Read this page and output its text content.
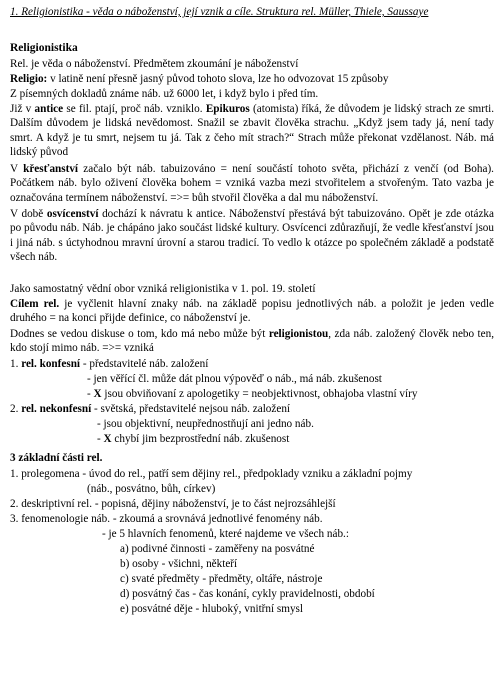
1. Religionistika - věda o náboženství, její vznik a cíle. Struktura rel. Müller, Thiele, Saussaye
Religionistika
Rel. je věda o náboženství. Předmětem zkoumání je náboženství
Religio: v latině není přesně jasný původ tohoto slova, lze ho odvozovat 15 způsoby
Z písemných dokladů známe náb. už 6000 let, i když bylo i před tím.
Již v antice se fil. ptají, proč náb. vzniklo. Epikuros (atomista) říká, že důvodem je lidský strach ze smrti. Dalším důvodem je lidská nevědomost. Snažil se zbavit člověka strachu. „Když jsem tady já, není tady smrt. A když je tu smrt, nejsem tu já. Tak z čeho mít strach?“ Strach může překonat vzdělanost. Náb. má lidský původ
V křesťanství začalo být náb. tabuizováno = není součástí tohoto světa, přichází z venčí (od Boha). Počátkem náb. bylo oživení člověka bohem = vzniká vazba mezi stvořitelem a stvořeným. Tato vazba je označována termínem náboženství. =>= bůh stvořil člověka a dal mu náboženství.
V době osvícenství dochází k návratu k antice. Náboženství přestává být tabuizováno. Opět je zde otázka po původu náb. Náb. je chápáno jako součást lidské kultury. Osvícenci zdůrazňují, že vedle křesťanství jsou i jiná náb. s úctyhodnou mravní úrovní a starou tradicí. To vedlo k otázce po společném základě a podstatě všech náb.
Jako samostatný vědní obor vzniká religionistika v 1. pol. 19. století
Cílem rel. je vyčlenit hlavní znaky náb. na základě popisu jednotlivých náb. a položit je jeden vedle druhého = na konci přijde definice, co náboženství je.
Dodnes se vedou diskuse o tom, kdo má nebo může být religionistou, zda náb. založený člověk nebo ten, kdo stojí mimo náb. =>= vzniká
1. rel. konfesní - představitelé náb. založení
- jen věřící čl. může dát plnou výpověď o náb., má náb. zkušenost
- X jsou obviňovaní z apologetiky = neobjektivnost, obhajoba vlastní víry
2. rel. nekonfesní - světská, představitelé nejsou náb. založení
- jsou objektivní, neupřednostňují ani jedno náb.
- X chybí jim bezprostřední náb. zkušenost
3 základní části rel.
1. prolegomena - úvod do rel., patří sem dějiny rel., předpoklady vzniku a základní pojmy
(náb., posvátno, bůh, církev)
2. deskriptivní rel. - popisná, dějiny náboženství, je to část nejrozsáhlejší
3. fenomenologie náb. - zkoumá a srovnává jednotlivé fenomény náb.
- je 5 hlavních fenomenů, které najdeme ve všech náb.:
a) podivné činnosti - zaměřeny na posvátné
b) osoby - všichni, někteří
c) svaté předměty - předměty, oltáře, nástroje
d) posvátný čas - čas konání, cykly pravidelnosti, období
e) posvátné děje - hluboký, vnitřní smysl
